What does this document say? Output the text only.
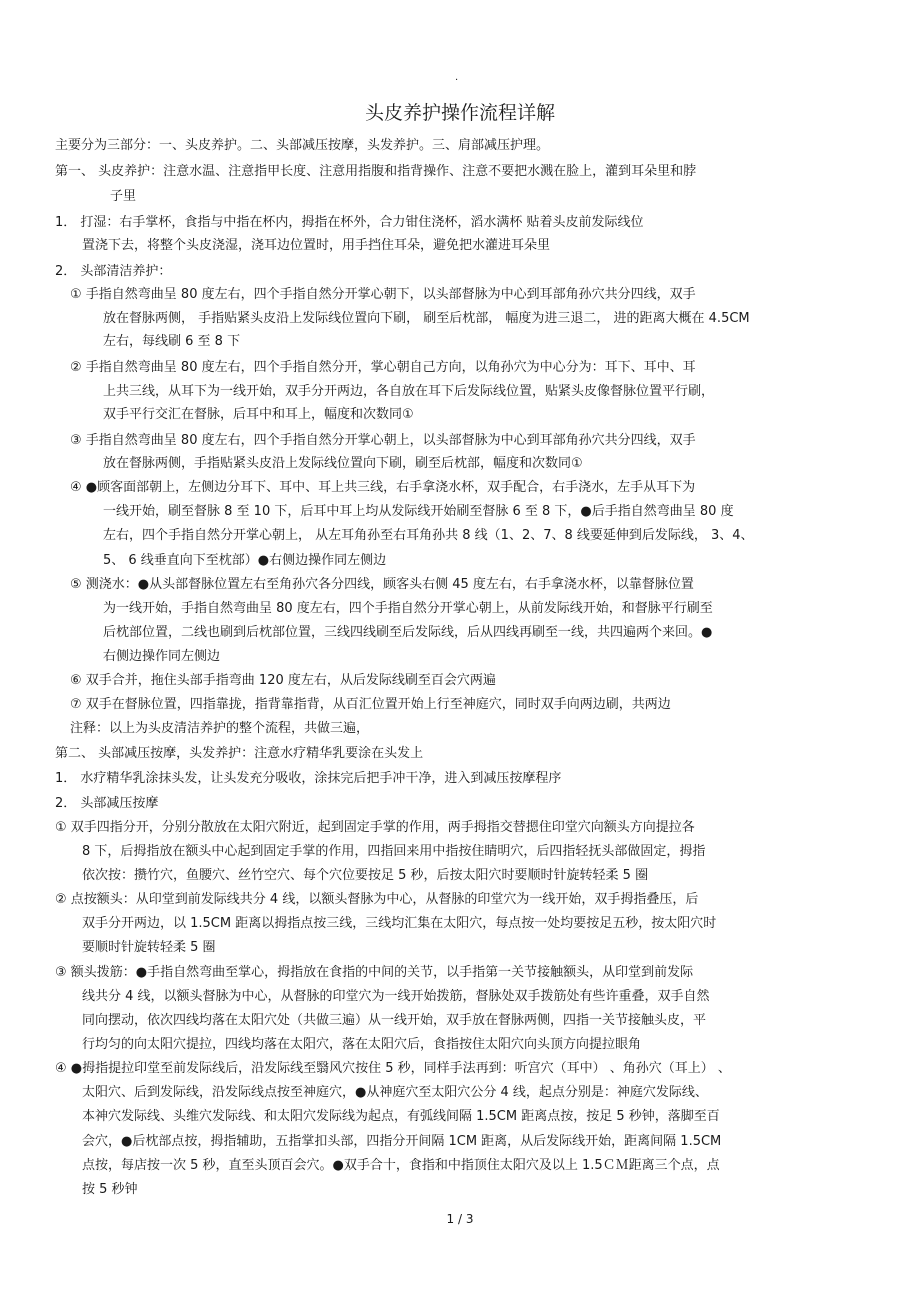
.
头皮养护操作流程详解
主要分为三部分：一、头皮养护。二、头部减压按摩，头发养护。三、肩部减压护理。
第一、 头皮养护：注意水温、注意指甲长度、注意用指腹和指背操作、注意不要把水溅在脸上，灌到耳朵里和脖
子里
1． 打湿：右手掌杯，食指与中指在杯内，拇指在杯外，合力钳住浇杯，滔水满杯 贴着头皮前发际线位
置浇下去，将整个头皮浇湿，浇耳边位置时，用手挡住耳朵，避免把水灌进耳朵里
2． 头部清洁养护：
① 手指自然弯曲呈 80 度左右，四个手指自然分开掌心朝下，以头部督脉为中心到耳部角孙穴共分四线，双手
放在督脉两侧， 手指贴紧头皮沿上发际线位置向下刷， 刷至后枕部， 幅度为进三退二， 进的距离大概在 4.5CM
左右，每线刷 6 至 8 下
② 手指自然弯曲呈 80 度左右，四个手指自然分开，掌心朝自己方向，以角孙穴为中心分为：耳下、耳中、耳
上共三线，从耳下为一线开始，双手分开两边，各自放在耳下后发际线位置，贴紧头皮像督脉位置平行刷，
双手平行交汇在督脉，后耳中和耳上，幅度和次数同①
③ 手指自然弯曲呈 80 度左右，四个手指自然分开掌心朝上，以头部督脉为中心到耳部角孙穴共分四线，双手
放在督脉两侧，手指贴紧头皮沿上发际线位置向下刷，刷至后枕部，幅度和次数同①
④ ●顾客面部朝上，左侧边分耳下、耳中、耳上共三线，右手拿浇水杯，双手配合，右手浇水，左手从耳下为
一线开始，刷至督脉 8 至 10 下，后耳中耳上均从发际线开始刷至督脉 6 至 8 下，●后手指自然弯曲呈 80 度
左右，四个手指自然分开掌心朝上， 从左耳角孙至右耳角孙共 8 线（1、2、7、8 线要延伸到后发际线， 3、4、
5、 6 线垂直向下至枕部）●右侧边操作同左侧边
⑤ 测浇水：●从头部督脉位置左右至角孙穴各分四线，顾客头右侧 45 度左右，右手拿浇水杯，以靠督脉位置
为一线开始，手指自然弯曲呈 80 度左右，四个手指自然分开掌心朝上，从前发际线开始，和督脉平行刷至
后枕部位置，二线也刷到后枕部位置，三线四线刷至后发际线，后从四线再刷至一线，共四遍两个来回。●
右侧边操作同左侧边
⑥ 双手合并，拖住头部手指弯曲 120 度左右，从后发际线刷至百会穴两遍
⑦ 双手在督脉位置，四指靠拢，指背靠指背，从百汇位置开始上行至神庭穴，同时双手向两边刷，共两边
注释：以上为头皮清洁养护的整个流程，共做三遍，
第二、 头部减压按摩，头发养护：注意水疗精华乳要涂在头发上
1． 水疗精华乳涂抹头发，让头发充分吸收，涂抹完后把手冲干净，进入到减压按摩程序
2． 头部减压按摩
① 双手四指分开，分别分散放在太阳穴附近，起到固定手掌的作用，两手拇指交替摁住印堂穴向额头方向提拉各
8 下，后拇指放在额头中心起到固定手掌的作用，四指回来用中指按住睛明穴，后四指轻抚头部做固定，拇指
依次按：攒竹穴，鱼腰穴、丝竹空穴、每个穴位要按足 5 秒，后按太阳穴时要顺时针旋转轻柔 5 圈
② 点按额头：从印堂到前发际线共分 4 线，以额头督脉为中心，从督脉的印堂穴为一线开始，双手拇指叠压，后
双手分开两边，以 1.5CM 距离以拇指点按三线，三线均汇集在太阳穴，每点按一处均要按足五秒，按太阳穴时
要顺时针旋转轻柔 5 圈
③ 额头拨筋：●手指自然弯曲至掌心，拇指放在食指的中间的关节，以手指第一关节接触额头，从印堂到前发际
线共分 4 线，以额头督脉为中心，从督脉的印堂穴为一线开始拨筋，督脉处双手拨筋处有些许重叠，双手自然
同向摆动，依次四线均落在太阳穴处（共做三遍）从一线开始，双手放在督脉两侧，四指一关节接触头皮，平
行均匀的向太阳穴提拉，四线均落在太阳穴，落在太阳穴后，食指按住太阳穴向头顶方向提拉眼角
④ ●拇指提拉印堂至前发际线后，沿发际线至翳风穴按住 5 秒，同样手法再到：听宫穴（耳中） 、角孙穴（耳上） 、
太阳穴、后到发际线，沿发际线点按至神庭穴，●从神庭穴至太阳穴公分 4 线，起点分别是：神庭穴发际线、
本神穴发际线、头维穴发际线、和太阳穴发际线为起点，有弧线间隔 1.5CM 距离点按，按足 5 秒钟，落脚至百
会穴，●后枕部点按，拇指辅助，五指掌扣头部，四指分开间隔 1CM 距离，从后发际线开始，距离间隔 1.5CM
点按，每店按一次 5 秒，直至头顶百会穴。●双手合十，食指和中指顶住太阳穴及以上 1.5ＣＭ距离三个点，点
按 5 秒钟
1 / 3
